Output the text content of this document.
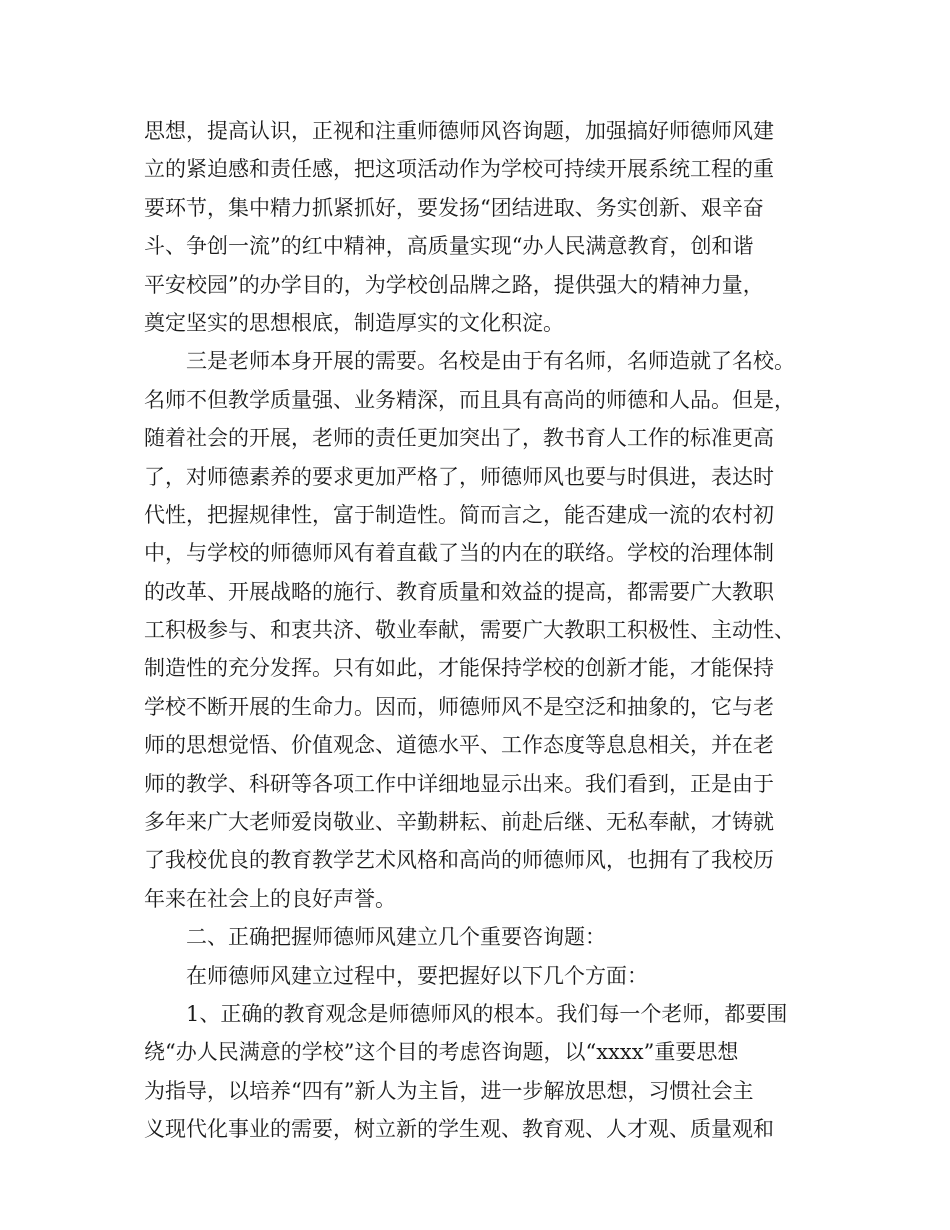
思想，提高认识，正视和注重师德师风咨询题，加强搞好师德师风建
立的紧迫感和责任感，把这项活动作为学校可持续开展系统工程的重
要环节，集中精力抓紧抓好，要发扬“团结进取、务实创新、艰辛奋
斗、争创一流”的红中精神，高质量实现“办人民满意教育，创和谐
平安校园”的办学目的，为学校创品牌之路，提供强大的精神力量，
奠定坚实的思想根底，制造厚实的文化积淀。
三是老师本身开展的需要。名校是由于有名师，名师造就了名校。
名师不但教学质量强、业务精深，而且具有高尚的师德和人品。但是，
随着社会的开展，老师的责任更加突出了，教书育人工作的标准更高
了，对师德素养的要求更加严格了，师德师风也要与时俱进，表达时
代性，把握规律性，富于制造性。简而言之，能否建成一流的农村初
中，与学校的师德师风有着直截了当的内在的联络。学校的治理体制
的改革、开展战略的施行、教育质量和效益的提高，都需要广大教职
工积极参与、和衷共济、敬业奉献，需要广大教职工积极性、主动性、
制造性的充分发挥。只有如此，才能保持学校的创新才能，才能保持
学校不断开展的生命力。因而，师德师风不是空泛和抽象的，它与老
师的思想觉悟、价值观念、道德水平、工作态度等息息相关，并在老
师的教学、科研等各项工作中详细地显示出来。我们看到，正是由于
多年来广大老师爱岗敬业、辛勤耕耘、前赴后继、无私奉献，才铸就
了我校优良的教育教学艺术风格和高尚的师德师风，也拥有了我校历
年来在社会上的良好声誉。
二、正确把握师德师风建立几个重要咨询题：
在师德师风建立过程中，要把握好以下几个方面：
1、正确的教育观念是师德师风的根本。我们每一个老师，都要围
绕“办人民满意的学校”这个目的考虑咨询题，以“xxxx”重要思想
为指导，以培养“四有”新人为主旨，进一步解放思想，习惯社会主
义现代化事业的需要，树立新的学生观、教育观、人才观、质量观和
